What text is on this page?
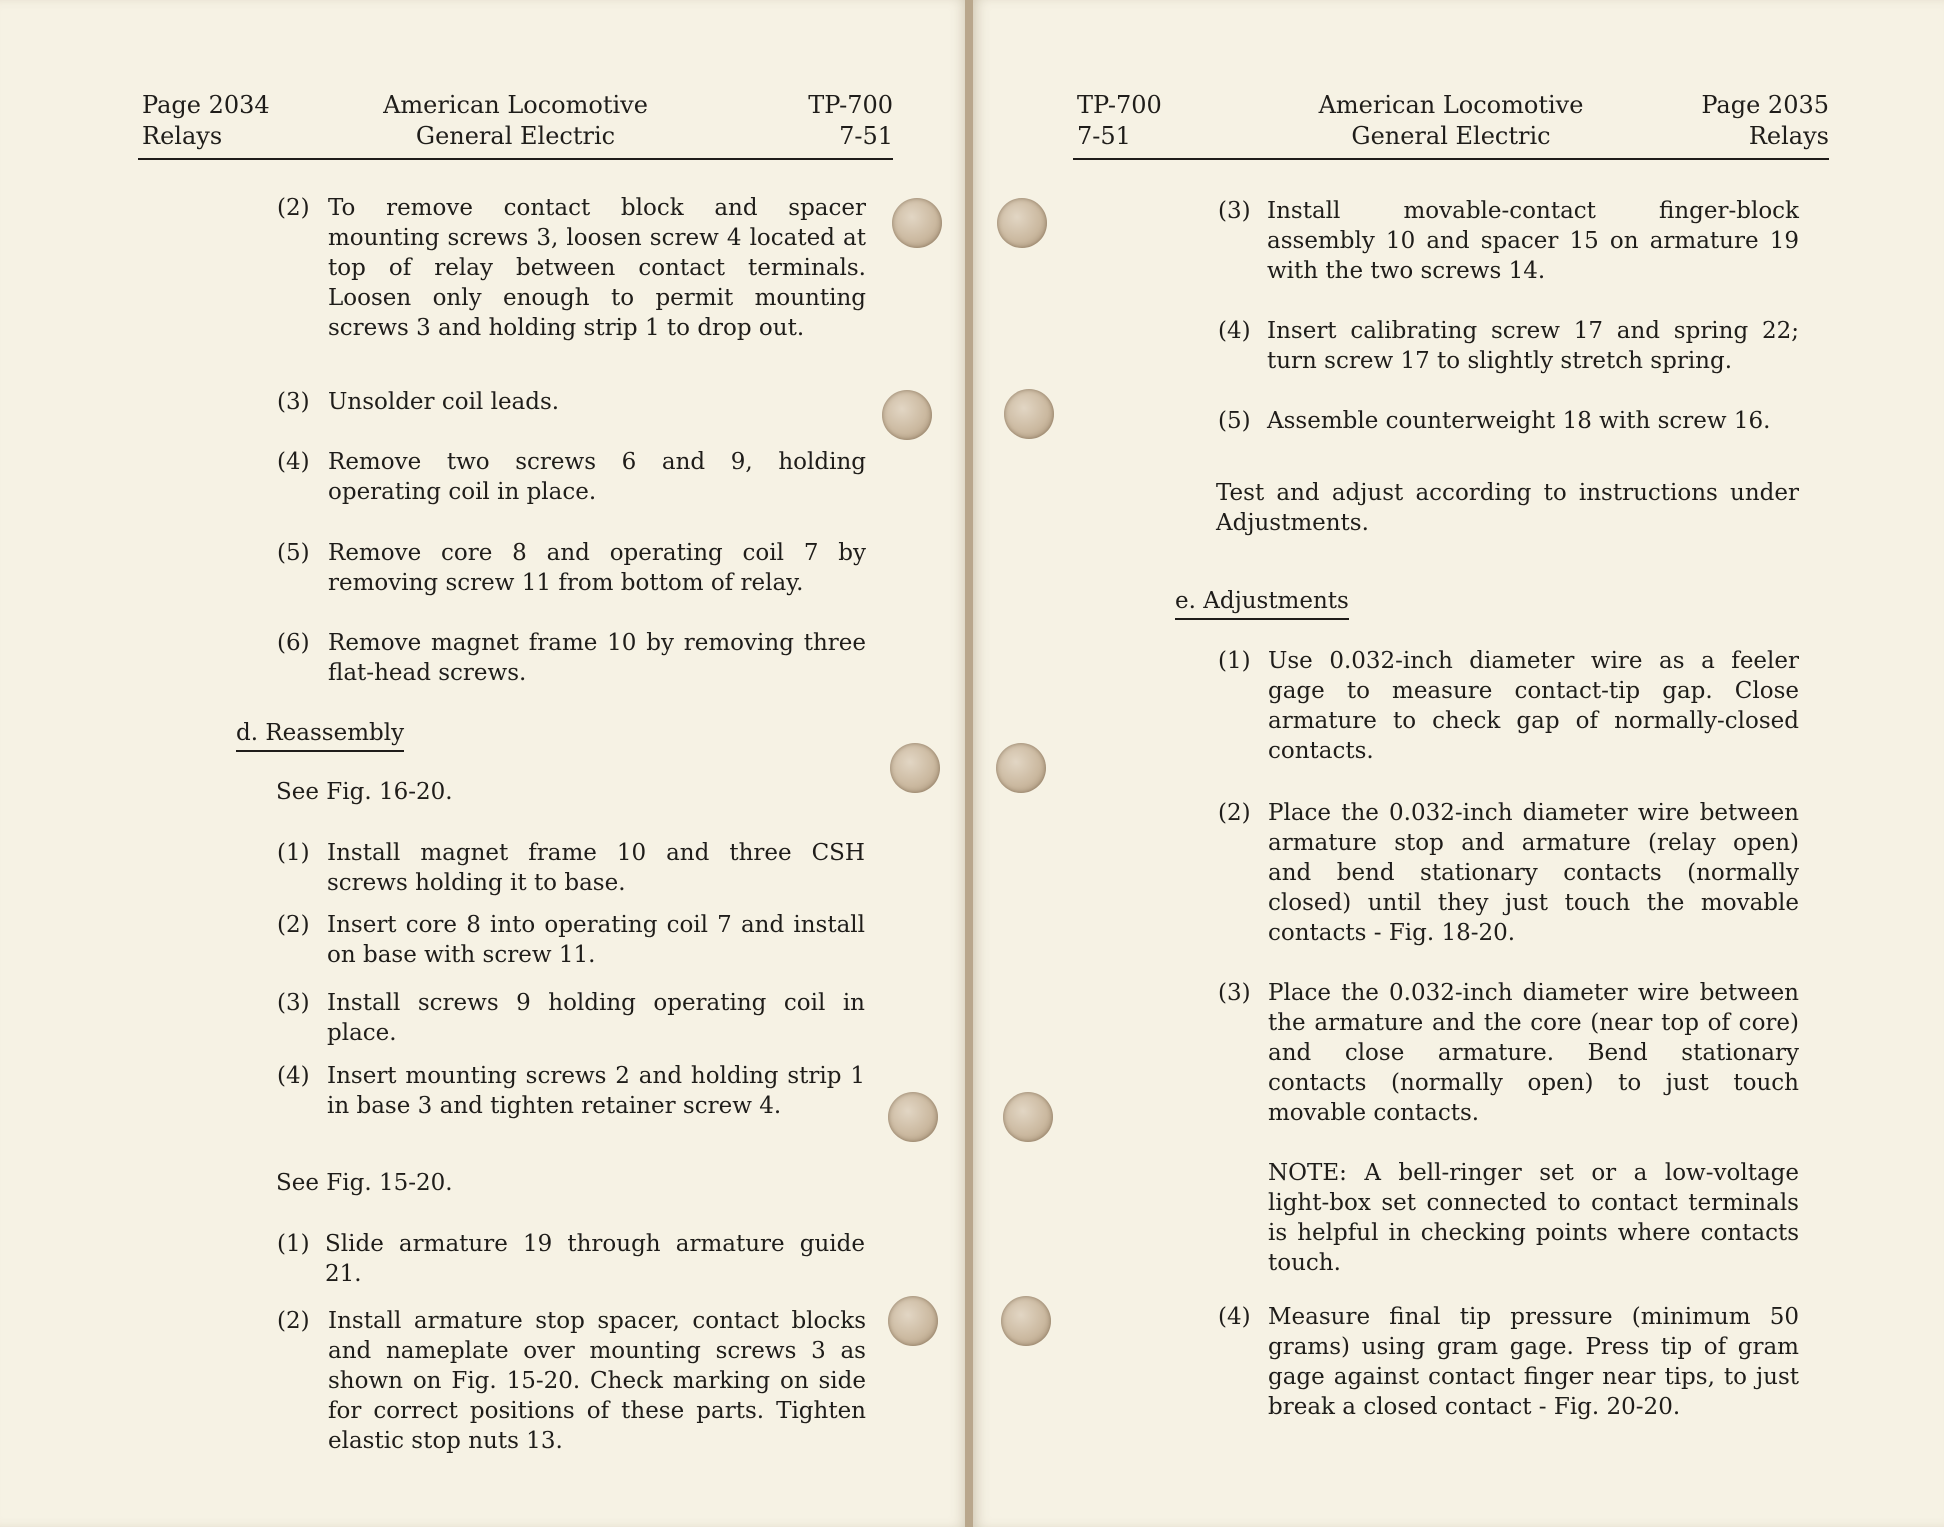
Page 2034
Relays
American Locomotive
General Electric
TP-700
7-51
(2) To remove contact block and spacer mounting screws 3, loosen screw 4 located at top of relay between contact terminals. Loosen only enough to permit mounting screws 3 and holding strip 1 to drop out.
(3) Unsolder coil leads.
(4) Remove two screws 6 and 9, holding operating coil in place.
(5) Remove core 8 and operating coil 7 by removing screw 11 from bottom of relay.
(6) Remove magnet frame 10 by removing three flat-head screws.
d. Reassembly
See Fig. 16-20.
(1) Install magnet frame 10 and three CSH screws holding it to base.
(2) Insert core 8 into operating coil 7 and install on base with screw 11.
(3) Install screws 9 holding operating coil in place.
(4) Insert mounting screws 2 and holding strip 1 in base 3 and tighten retainer screw 4.
See Fig. 15-20.
(1) Slide armature 19 through armature guide 21.
(2) Install armature stop spacer, contact blocks and nameplate over mounting screws 3 as shown on Fig. 15-20. Check marking on side for correct positions of these parts. Tighten elastic stop nuts 13.
TP-700
7-51
American Locomotive
General Electric
Page 2035
Relays
(3) Install movable-contact finger-block assembly 10 and spacer 15 on armature 19 with the two screws 14.
(4) Insert calibrating screw 17 and spring 22; turn screw 17 to slightly stretch spring.
(5) Assemble counterweight 18 with screw 16.
Test and adjust according to instructions under Adjustments.
e. Adjustments
(1) Use 0.032-inch diameter wire as a feeler gage to measure contact-tip gap. Close armature to check gap of normally-closed contacts.
(2) Place the 0.032-inch diameter wire between armature stop and armature (relay open) and bend stationary contacts (normally closed) until they just touch the movable contacts - Fig. 18-20.
(3) Place the 0.032-inch diameter wire between the armature and the core (near top of core) and close armature. Bend stationary contacts (normally open) to just touch movable contacts.
NOTE: A bell-ringer set or a low-voltage light-box set connected to contact terminals is helpful in checking points where contacts touch.
(4) Measure final tip pressure (minimum 50 grams) using gram gage. Press tip of gram gage against contact finger near tips, to just break a closed contact - Fig. 20-20.
